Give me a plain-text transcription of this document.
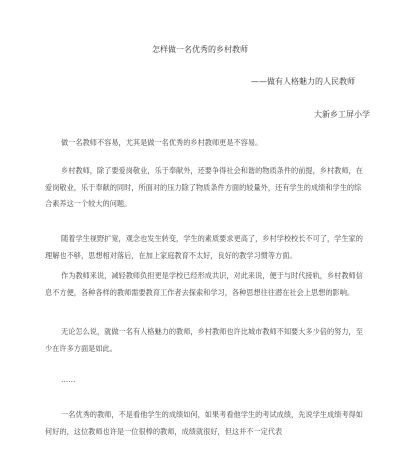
怎样做一名优秀的乡村教师
——做有人格魅力的人民教师
大新乡工屏小学

做一名教师不容易，尤其是做一名优秀的乡村教师更是不容易。

乡村教师，除了要爱岗敬业，乐于奉献外，还要争得社会和谐的物质条件的前提，乡村教师，在爱岗敬业，乐于奉献的同时，所面对的压力除了物质条件方面的较量外，还有学生的成绩和学生的综合素养这一个较大的问题。

随着学生视野扩宽，观念也发生转变，学生的素质要求更高了，乡村学校校长不可了，学生家的理解也不够，思想相对落后，在加上家庭教育不太好，良好的教学习惯等方面。

作为教师来说，减轻教师负担更是学校已经形成共识，对此来说，便于与时代接轨，乡村教师信息不方便，各种各样的教师需要教育工作者去探索和学习，各种思想往往潜在社会上思想的影响。

无论怎么说，就做一名有人格魅力的教师，乡村教师也许比城市教师不知要大多少倍的努力，至少在许多方面是如此。

……

一名优秀的教师，不是看他学生的成绩如何，如果考看他学生的考试成绩，先说学生成绩考得如何好的，这位教师也许是一位很棒的教师，成绩就很好，但这并不一定代表
